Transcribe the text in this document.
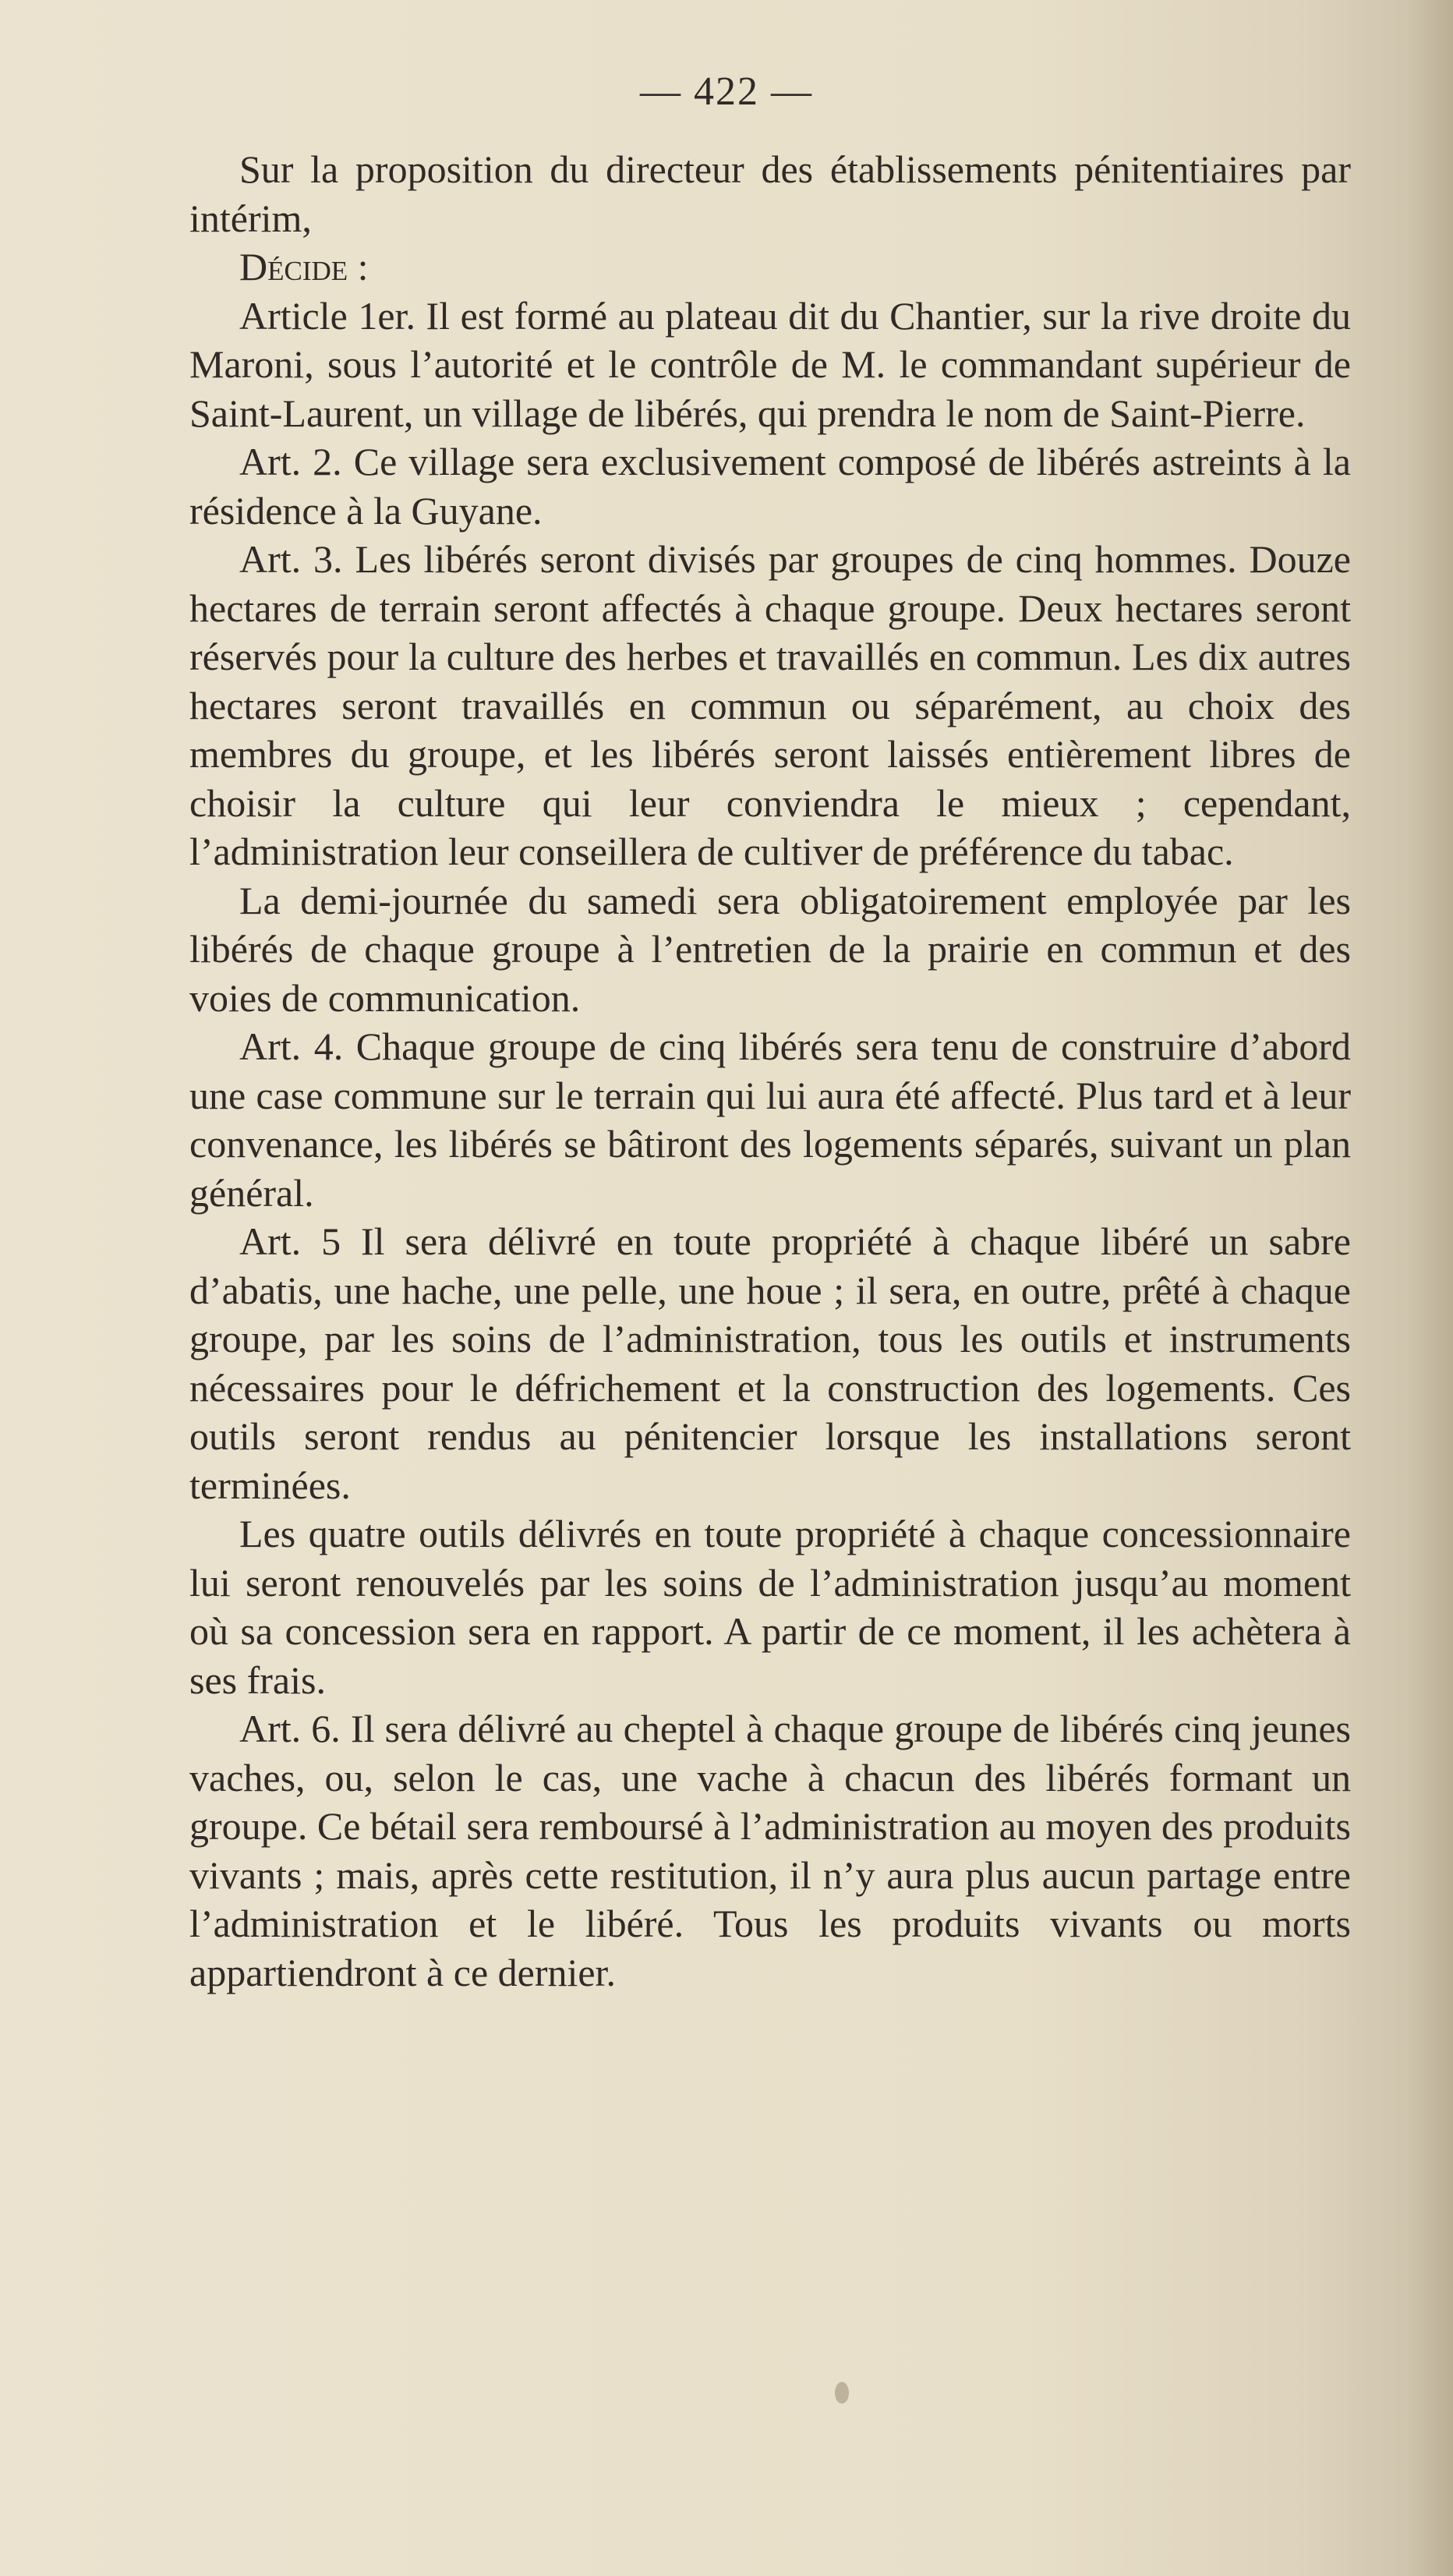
— 422 —

Sur la proposition du directeur des établissements pénitentiaires par intérim,

Décide :

Article 1er. Il est formé au plateau dit du Chantier, sur la rive droite du Maroni, sous l’autorité et le contrôle de M. le commandant supérieur de Saint-Laurent, un village de libérés, qui prendra le nom de Saint-Pierre.

Art. 2. Ce village sera exclusivement composé de libérés astreints à la résidence à la Guyane.

Art. 3. Les libérés seront divisés par groupes de cinq hommes. Douze hectares de terrain seront affectés à chaque groupe. Deux hectares seront réservés pour la culture des herbes et travaillés en commun. Les dix autres hectares seront travaillés en commun ou séparément, au choix des membres du groupe, et les libérés seront laissés entièrement libres de choisir la culture qui leur conviendra le mieux ; cependant, l’administration leur conseillera de cultiver de préférence du tabac.

La demi-journée du samedi sera obligatoirement employée par les libérés de chaque groupe à l’entretien de la prairie en commun et des voies de communication.

Art. 4. Chaque groupe de cinq libérés sera tenu de construire d’abord une case commune sur le terrain qui lui aura été affecté. Plus tard et à leur convenance, les libérés se bâtiront des logements séparés, suivant un plan général.

Art. 5 Il sera délivré en toute propriété à chaque libéré un sabre d’abatis, une hache, une pelle, une houe ; il sera, en outre, prêté à chaque groupe, par les soins de l’administration, tous les outils et instruments nécessaires pour le défrichement et la construction des logements. Ces outils seront rendus au pénitencier lorsque les installations seront terminées.

Les quatre outils délivrés en toute propriété à chaque concessionnaire lui seront renouvelés par les soins de l’administration jusqu’au moment où sa concession sera en rapport. A partir de ce moment, il les achètera à ses frais.

Art. 6. Il sera délivré au cheptel à chaque groupe de libérés cinq jeunes vaches, ou, selon le cas, une vache à chacun des libérés formant un groupe. Ce bétail sera remboursé à l’administration au moyen des produits vivants ; mais, après cette restitution, il n’y aura plus aucun partage entre l’administration et le libéré. Tous les produits vivants ou morts appartiendront à ce dernier.
